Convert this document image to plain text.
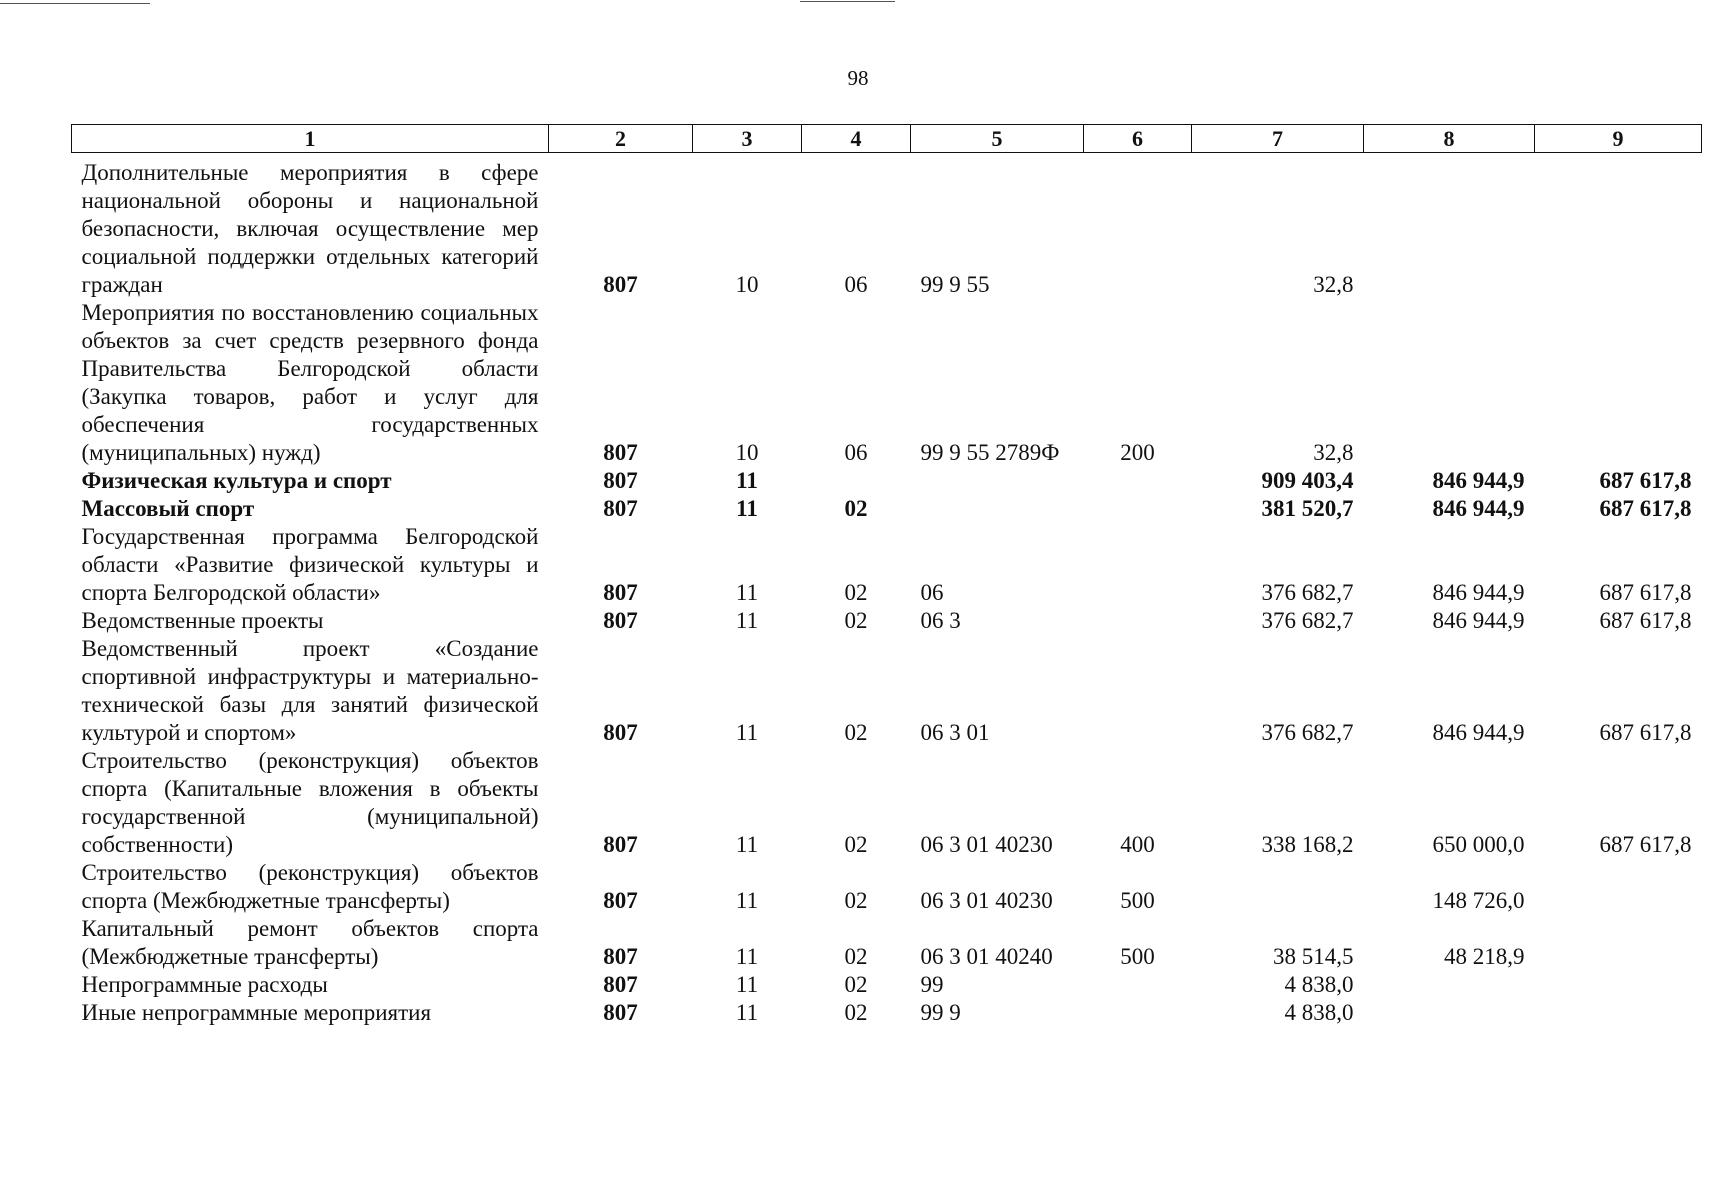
98
1	2	3	4	5	6	7	8	9
Дополнительные мероприятия в сфере национальной обороны и национальной безопасности, включая осуществление мер социальной поддержки отдельных категорий граждан	807	10	06	99 9 55		32,8		
Мероприятия по восстановлению социальных объектов за счет средств резервного фонда Правительства Белгородской области (Закупка товаров, работ и услуг для обеспечения государственных (муниципальных) нужд)	807	10	06	99 9 55 2789Ф	200	32,8		
Физическая культура и спорт	807	11				909 403,4	846 944,9	687 617,8
Массовый спорт	807	11	02			381 520,7	846 944,9	687 617,8
Государственная программа Белгородской области «Развитие физической культуры и спорта Белгородской области»	807	11	02	06		376 682,7	846 944,9	687 617,8
Ведомственные проекты	807	11	02	06 3		376 682,7	846 944,9	687 617,8
Ведомственный проект «Создание спортивной инфраструктуры и материально-технической базы для занятий физической культурой и спортом»	807	11	02	06 3 01		376 682,7	846 944,9	687 617,8
Строительство (реконструкция) объектов спорта (Капитальные вложения в объекты государственной (муниципальной) собственности)	807	11	02	06 3 01 40230	400	338 168,2	650 000,0	687 617,8
Строительство (реконструкция) объектов спорта (Межбюджетные трансферты)	807	11	02	06 3 01 40230	500		148 726,0	
Капитальный ремонт объектов спорта (Межбюджетные трансферты)	807	11	02	06 3 01 40240	500	38 514,5	48 218,9	
Непрограммные расходы	807	11	02	99		4 838,0		
Иные непрограммные мероприятия	807	11	02	99 9		4 838,0		
